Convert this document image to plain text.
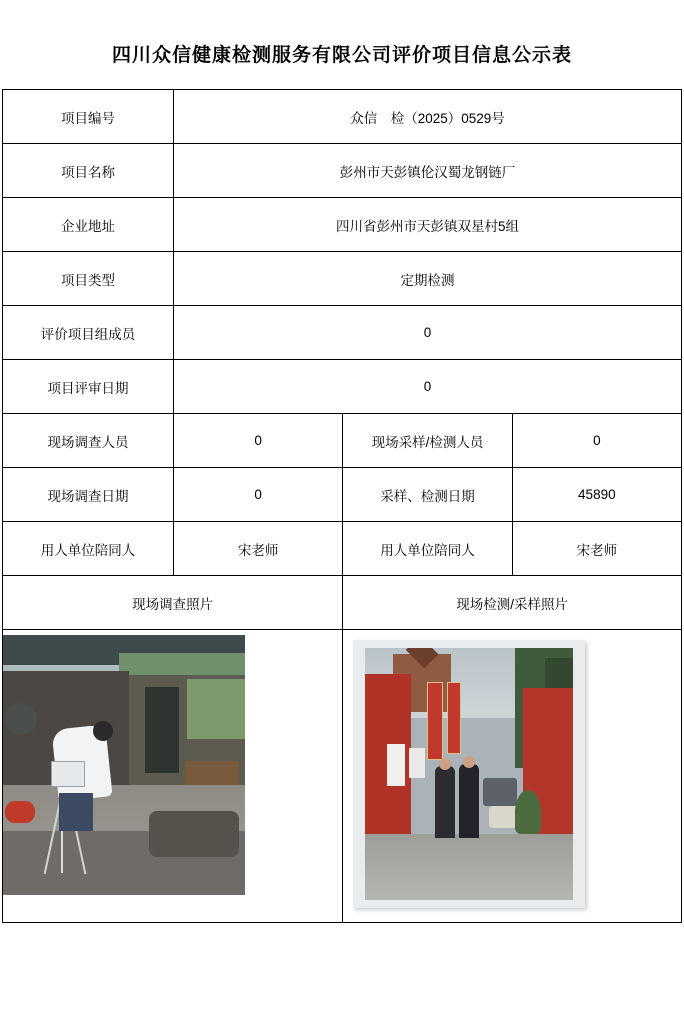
四川众信健康检测服务有限公司评价项目信息公示表
项目编号	众信　检（2025）0529号		
项目名称	彭州市天彭镇伦汉蜀龙钢链厂		
企业地址	四川省彭州市天彭镇双星村5组		
项目类型	定期检测		
评价项目组成员	0		
项目评审日期	0		
现场调查人员	0	现场采样/检测人员	0
现场调查日期	0	采样、检测日期	45890
用人单位陪同人	宋老师	用人单位陪同人	宋老师
现场调查照片		现场检测/采样照片	
